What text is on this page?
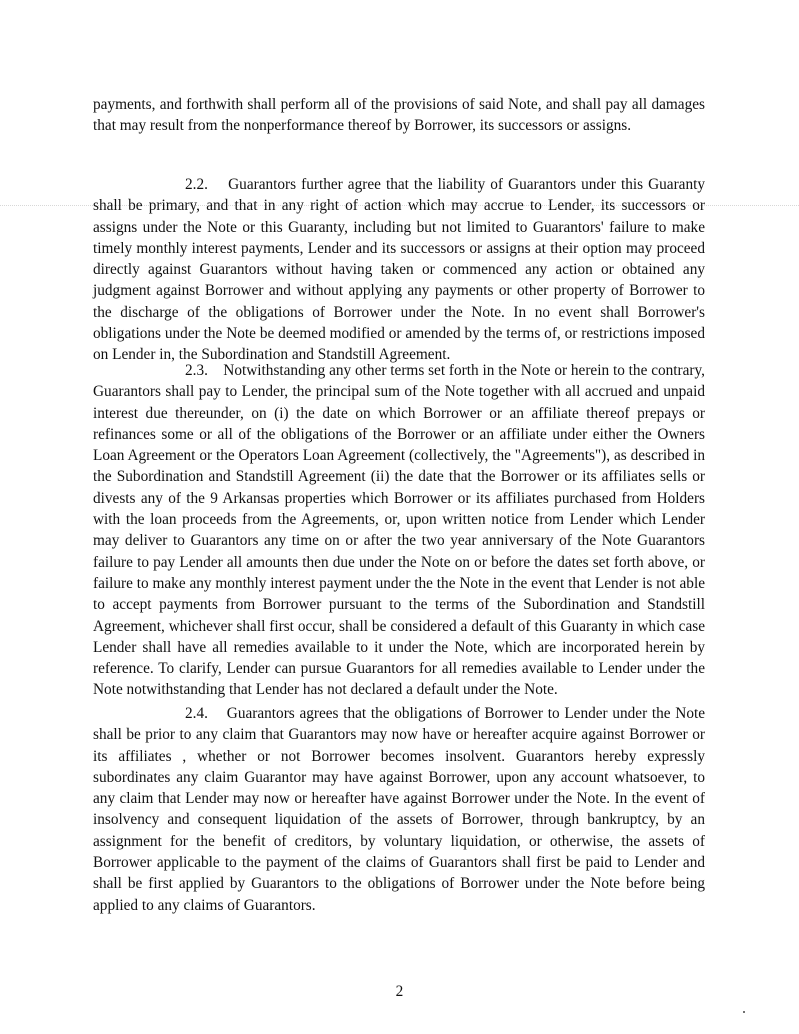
payments, and forthwith shall perform all of the provisions of said Note, and shall pay all damages that may result from the nonperformance thereof by Borrower, its successors or assigns.

2.2. Guarantors further agree that the liability of Guarantors under this Guaranty shall be primary, and that in any right of action which may accrue to Lender, its successors or assigns under the Note or this Guaranty, including but not limited to Guarantors' failure to make timely monthly interest payments, Lender and its successors or assigns at their option may proceed directly against Guarantors without having taken or commenced any action or obtained any judgment against Borrower and without applying any payments or other property of Borrower to the discharge of the obligations of Borrower under the Note. In no event shall Borrower's obligations under the Note be deemed modified or amended by the terms of, or restrictions imposed on Lender in, the Subordination and Standstill Agreement.

2.3. Notwithstanding any other terms set forth in the Note or herein to the contrary, Guarantors shall pay to Lender, the principal sum of the Note together with all accrued and unpaid interest due thereunder, on (i) the date on which Borrower or an affiliate thereof prepays or refinances some or all of the obligations of the Borrower or an affiliate under either the Owners Loan Agreement or the Operators Loan Agreement (collectively, the "Agreements"), as described in the Subordination and Standstill Agreement (ii) the date that the Borrower or its affiliates sells or divests any of the 9 Arkansas properties which Borrower or its affiliates purchased from Holders with the loan proceeds from the Agreements, or, upon written notice from Lender which Lender may deliver to Guarantors any time on or after the two year anniversary of the Note Guarantors failure to pay Lender all amounts then due under the Note on or before the dates set forth above, or failure to make any monthly interest payment under the the Note in the event that Lender is not able to accept payments from Borrower pursuant to the terms of the Subordination and Standstill Agreement, whichever shall first occur, shall be considered a default of this Guaranty in which case Lender shall have all remedies available to it under the Note, which are incorporated herein by reference. To clarify, Lender can pursue Guarantors for all remedies available to Lender under the Note notwithstanding that Lender has not declared a default under the Note.

2.4. Guarantors agrees that the obligations of Borrower to Lender under the Note shall be prior to any claim that Guarantors may now have or hereafter acquire against Borrower or its affiliates , whether or not Borrower becomes insolvent. Guarantors hereby expressly subordinates any claim Guarantor may have against Borrower, upon any account whatsoever, to any claim that Lender may now or hereafter have against Borrower under the Note. In the event of insolvency and consequent liquidation of the assets of Borrower, through bankruptcy, by an assignment for the benefit of creditors, by voluntary liquidation, or otherwise, the assets of Borrower applicable to the payment of the claims of Guarantors shall first be paid to Lender and shall be first applied by Guarantors to the obligations of Borrower under the Note before being applied to any claims of Guarantors.

2
